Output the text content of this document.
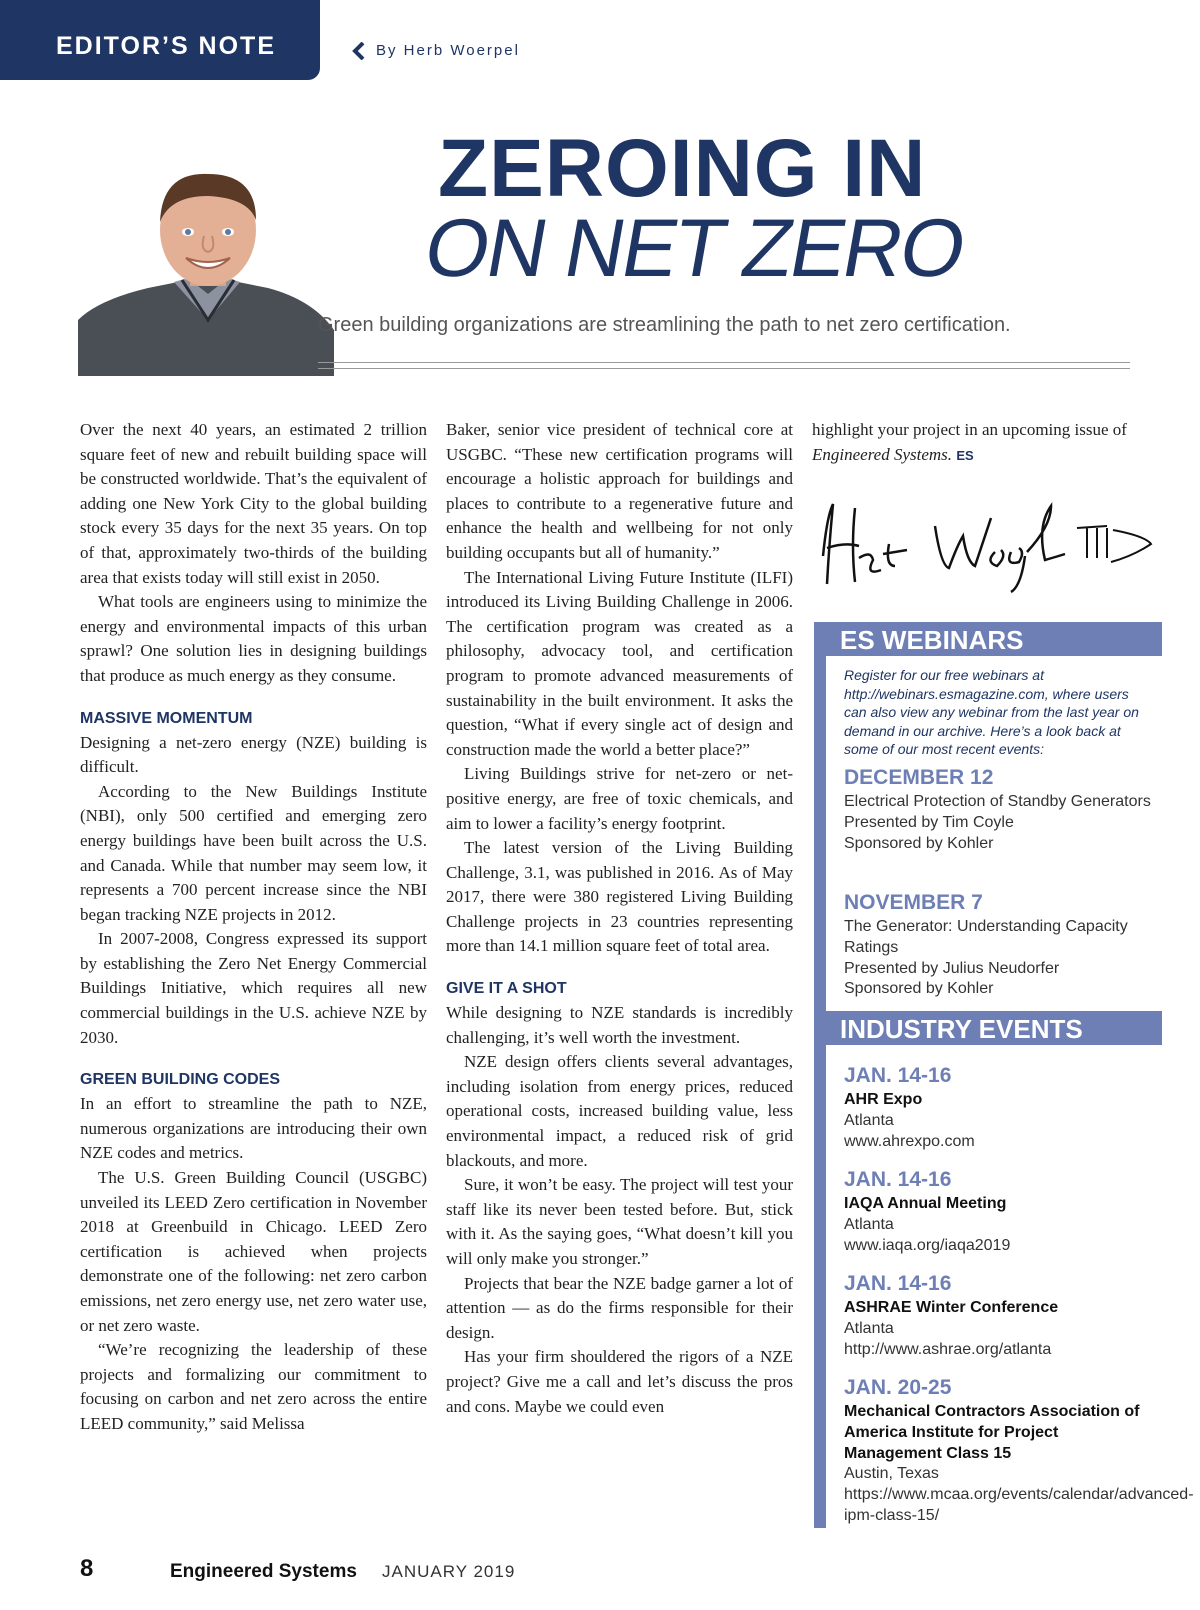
EDITOR’S NOTE	By Herb Woerpel
ZEROING IN
ON NET ZERO
Green building organizations are streamlining the path to net zero certification.

Over the next 40 years, an estimated 2 trillion square feet of new and rebuilt building space will be constructed worldwide. That’s the equivalent of adding one New York City to the global building stock every 35 days for the next 35 years. On top of that, approximately two-thirds of the building area that exists today will still exist in 2050.

What tools are engineers using to minimize the energy and environmental impacts of this urban sprawl? One solution lies in designing buildings that produce as much energy as they consume.

MASSIVE MOMENTUM

Designing a net-zero energy (NZE) building is difficult.

According to the New Buildings Institute (NBI), only 500 certified and emerging zero energy buildings have been built across the U.S. and Canada. While that number may seem low, it represents a 700 percent increase since the NBI began tracking NZE projects in 2012.

In 2007-2008, Congress expressed its support by establishing the Zero Net Energy Commercial Buildings Initiative, which requires all new commercial buildings in the U.S. achieve NZE by 2030.

GREEN BUILDING CODES

In an effort to streamline the path to NZE, numerous organizations are introducing their own NZE codes and metrics.

The U.S. Green Building Council (USGBC) unveiled its LEED Zero certification in November 2018 at Greenbuild in Chicago. LEED Zero certification is achieved when projects demonstrate one of the following: net zero carbon emissions, net zero energy use, net zero water use, or net zero waste.

“We’re recognizing the leadership of these projects and formalizing our commitment to focusing on carbon and net zero across the entire LEED community,” said Melissa

Baker, senior vice president of technical core at USGBC. “These new certification programs will encourage a holistic approach for buildings and places to contribute to a regenerative future and enhance the health and wellbeing for not only building occupants but all of humanity.”

The International Living Future Institute (ILFI) introduced its Living Building Challenge in 2006. The certification program was created as a philosophy, advocacy tool, and certification program to promote advanced measurements of sustainability in the built environment. It asks the question, “What if every single act of design and construction made the world a better place?”

Living Buildings strive for net-zero or net-positive energy, are free of toxic chemicals, and aim to lower a facility’s energy footprint.

The latest version of the Living Building Challenge, 3.1, was published in 2016. As of May 2017, there were 380 registered Living Building Challenge projects in 23 countries representing more than 14.1 million square feet of total area.

GIVE IT A SHOT

While designing to NZE standards is incredibly challenging, it’s well worth the investment.

NZE design offers clients several advantages, including isolation from energy prices, reduced operational costs, increased building value, less environmental impact, a reduced risk of grid blackouts, and more.

Sure, it won’t be easy. The project will test your staff like its never been tested before. But, stick with it. As the saying goes, “What doesn’t kill you will only make you stronger.”

Projects that bear the NZE badge garner a lot of attention — as do the firms responsible for their design.

Has your firm shouldered the rigors of a NZE project? Give me a call and let’s discuss the pros and cons. Maybe we could even

highlight your project in an upcoming issue of Engineered Systems. ES

ES WEBINARS
Register for our free webinars at http://webinars.esmagazine.com, where users can also view any webinar from the last year on demand in our archive. Here’s a look back at some of our most recent events:
DECEMBER 12
Electrical Protection of Standby Generators
Presented by Tim Coyle
Sponsored by Kohler
NOVEMBER 7
The Generator: Understanding Capacity Ratings
Presented by Julius Neudorfer
Sponsored by Kohler
INDUSTRY EVENTS
JAN. 14-16
AHR Expo
Atlanta
www.ahrexpo.com
JAN. 14-16
IAQA Annual Meeting
Atlanta
www.iaqa.org/iaqa2019
JAN. 14-16
ASHRAE Winter Conference
Atlanta
http://www.ashrae.org/atlanta
JAN. 20-25
Mechanical Contractors Association of America Institute for Project Management Class 15
Austin, Texas
https://www.mcaa.org/events/calendar/advanced-ipm-class-15/
8	Engineered Systems JANUARY 2019
